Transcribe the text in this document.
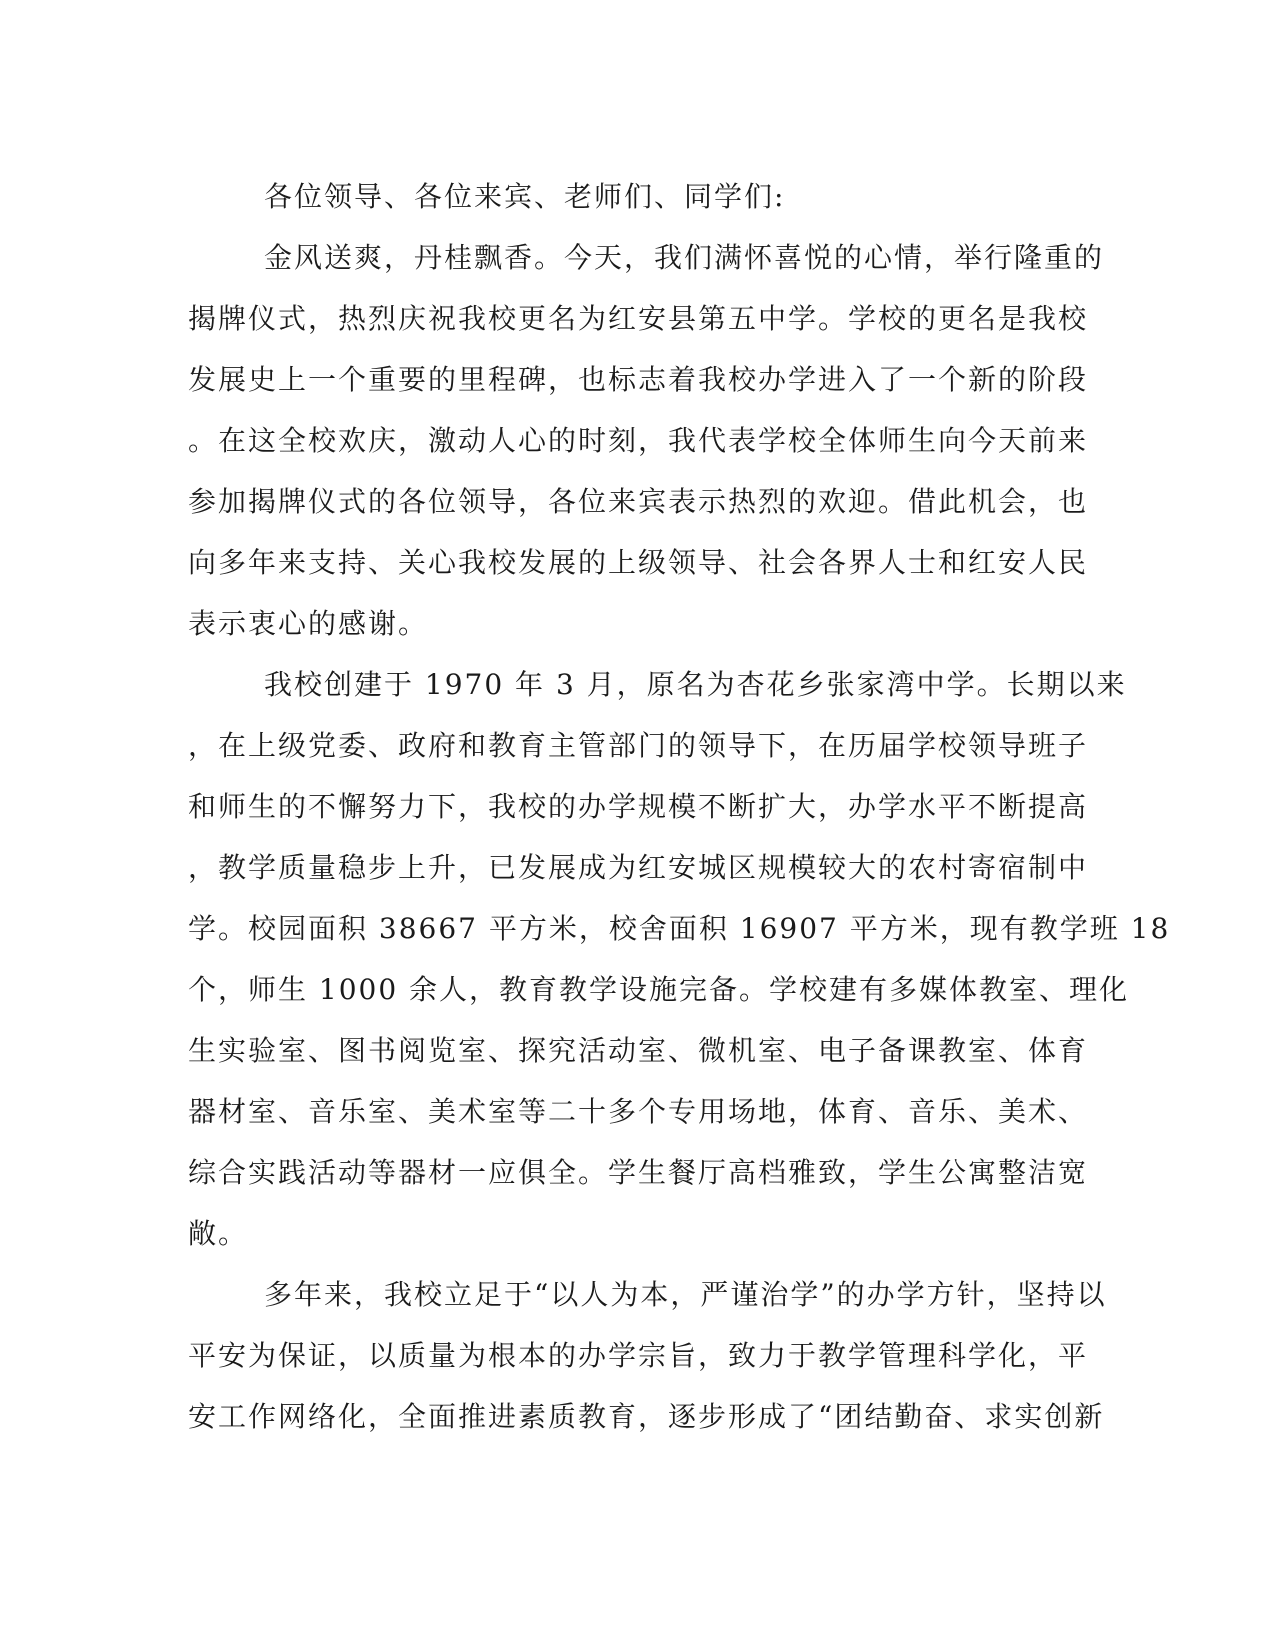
各位领导、各位来宾、老师们、同学们:
金风送爽，丹桂飘香。今天，我们满怀喜悦的心情，举行隆重的
揭牌仪式，热烈庆祝我校更名为红安县第五中学。学校的更名是我校
发展史上一个重要的里程碑，也标志着我校办学进入了一个新的阶段
。在这全校欢庆，激动人心的时刻，我代表学校全体师生向今天前来
参加揭牌仪式的各位领导，各位来宾表示热烈的欢迎。借此机会，也
向多年来支持、关心我校发展的上级领导、社会各界人士和红安人民
表示衷心的感谢。
我校创建于 1970 年 3 月，原名为杏花乡张家湾中学。长期以来
，在上级党委、政府和教育主管部门的领导下，在历届学校领导班子
和师生的不懈努力下，我校的办学规模不断扩大，办学水平不断提高
，教学质量稳步上升，已发展成为红安城区规模较大的农村寄宿制中
学。校园面积 38667 平方米，校舍面积 16907 平方米，现有教学班 18
个，师生 1000 余人，教育教学设施完备。学校建有多媒体教室、理化
生实验室、图书阅览室、探究活动室、微机室、电子备课教室、体育
器材室、音乐室、美术室等二十多个专用场地，体育、音乐、美术、
综合实践活动等器材一应俱全。学生餐厅高档雅致，学生公寓整洁宽
敞。
多年来，我校立足于“以人为本，严谨治学”的办学方针，坚持以
平安为保证，以质量为根本的办学宗旨，致力于教学管理科学化，平
安工作网络化，全面推进素质教育，逐步形成了“团结勤奋、求实创新
